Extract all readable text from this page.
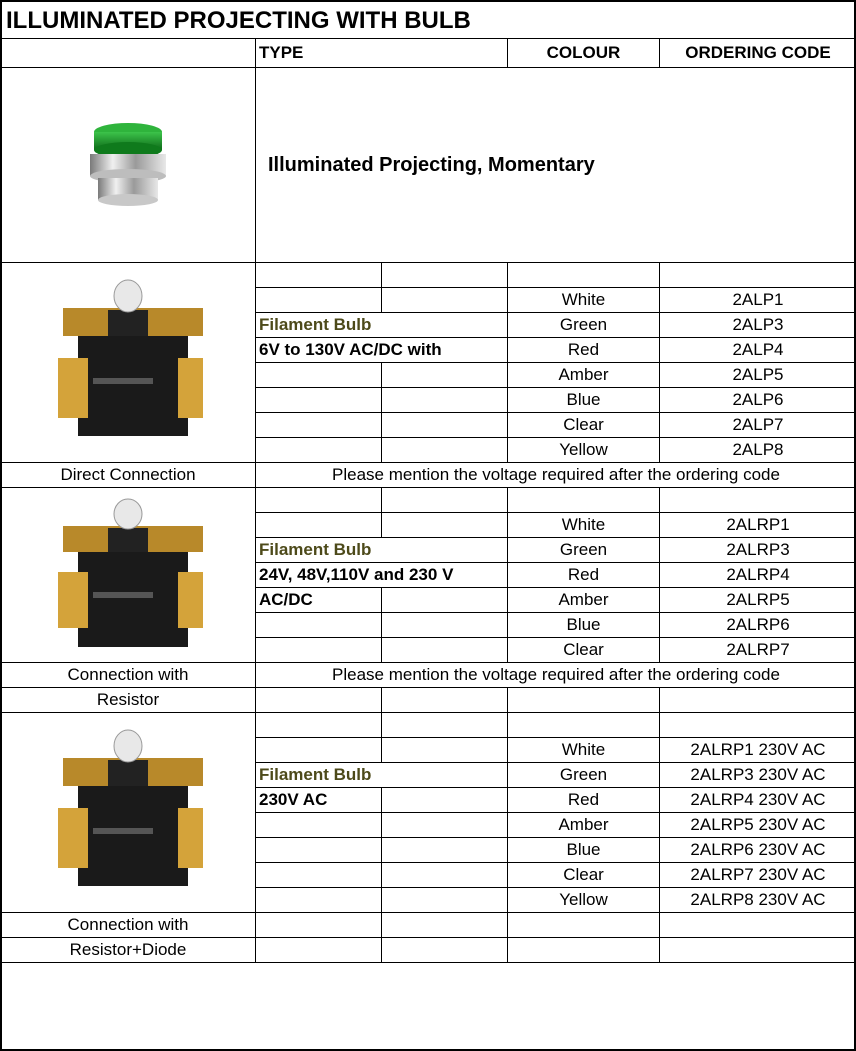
ILLUMINATED PROJECTING WITH BULB
	TYPE		COLOUR	ORDERING CODE

	Illuminated Projecting, Momentary			

			White	2ALP1
	Filament Bulb		Green	2ALP3
	6V to 130V AC/DC with		Red	2ALP4
			Amber	2ALP5
			Blue	2ALP6
			Clear	2ALP7
			Yellow	2ALP8
Direct Connection	Please mention the voltage required after the ordering code			

			White	2ALRP1
	Filament Bulb		Green	2ALRP3
	24V, 48V,110V and 230 V		Red	2ALRP4
	AC/DC		Amber	2ALRP5
			Blue	2ALRP6
			Clear	2ALRP7
Connection with	Please mention the voltage required after the ordering code			
Resistor				

			White	2ALRP1 230V AC
	Filament Bulb		Green	2ALRP3 230V AC
	230V AC		Red	2ALRP4 230V AC
			Amber	2ALRP5 230V AC
			Blue	2ALRP6 230V AC
			Clear	2ALRP7 230V AC
			Yellow	2ALRP8 230V AC
Connection with				
Resistor+Diode				
